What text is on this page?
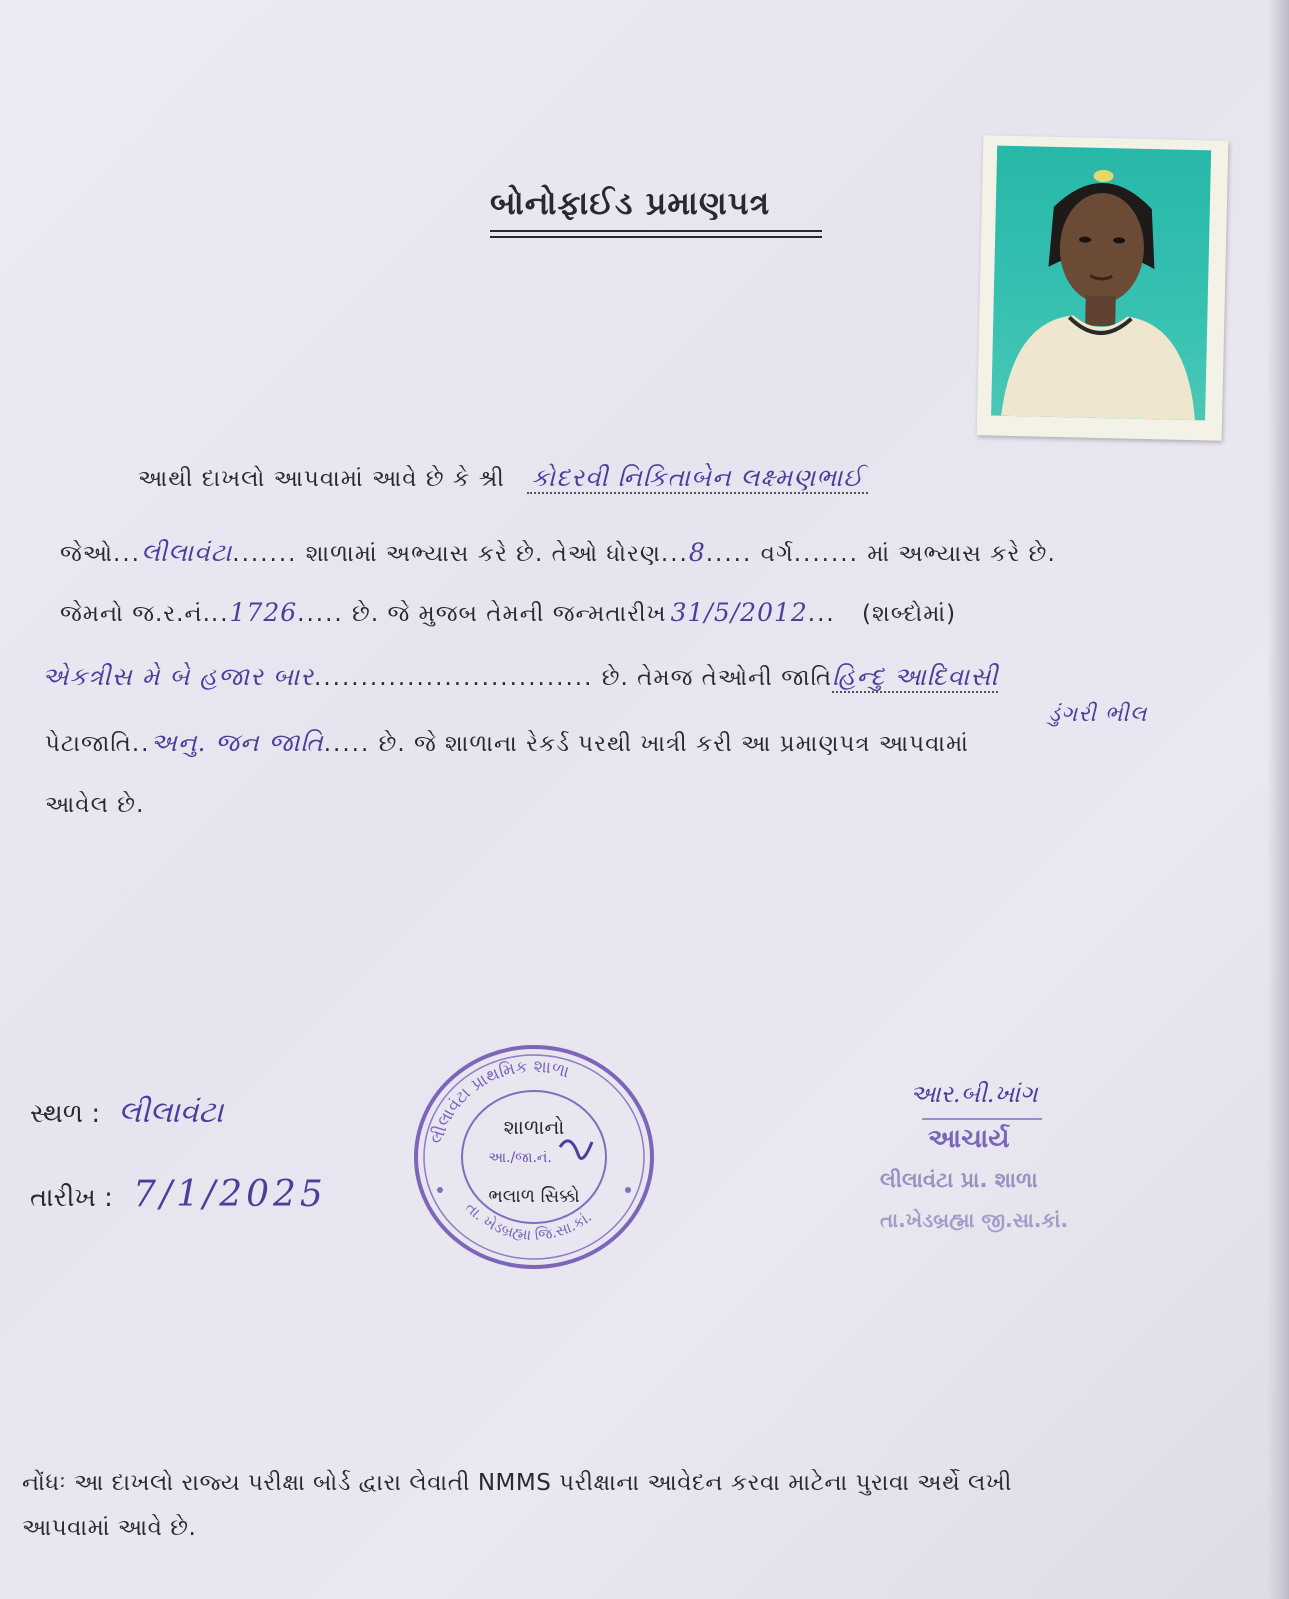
બોનોફાઈડ પ્રમાણપત્ર
આથી દાખલો આપવામાં આવે છે કે શ્રી કોદરવી નિકિતાબેન લક્ષ્મણભાઈ
જેઓ...લીલાવંટા....... શાળામાં અભ્યાસ કરે છે. તેઓ ધોરણ...8..... વર્ગ....... માં અભ્યાસ કરે છે.
જેમનો જ.ર.નં...1726..... છે. જે મુજબ તેમની જન્મતારીખ 31/5/2012... (શબ્દોમાં)
એકત્રીસ મે બે હજાર બાર.............................. છે. તેમજ તેઓની જાતિહિન્દુ આદિવાસી
ડુંગરી ભીલ
પેટાજાતિ..અનુ. જન જાતિ..... છે. જે શાળાના રેકર્ડ પરથી ખાત્રી કરી આ પ્રમાણપત્ર આપવામાં
આવેલ છે.
સ્થળ : લીલાવંટા
તારીખ : 7/1/2025
લીલાવંટા પ્રાથમિક શાળા
તા. ખેડબ્રહ્મા જિ.સા.કાં.
શાળાનો
આ./જા.નં.
ભલાળ સિક્કો
આર.બી.ખાંગ
આચાર્ય
લીલાવંટા પ્રા. શાળા
તા.ખેડબ્રહ્મા જી.સા.કાં.
નોંધઃ આ દાખલો રાજ્ય પરીક્ષા બોર્ડ દ્વારા લેવાતી NMMS પરીક્ષાના આવેદન કરવા માટેના પુરાવા અર્થે લખી
આપવામાં આવે છે.
